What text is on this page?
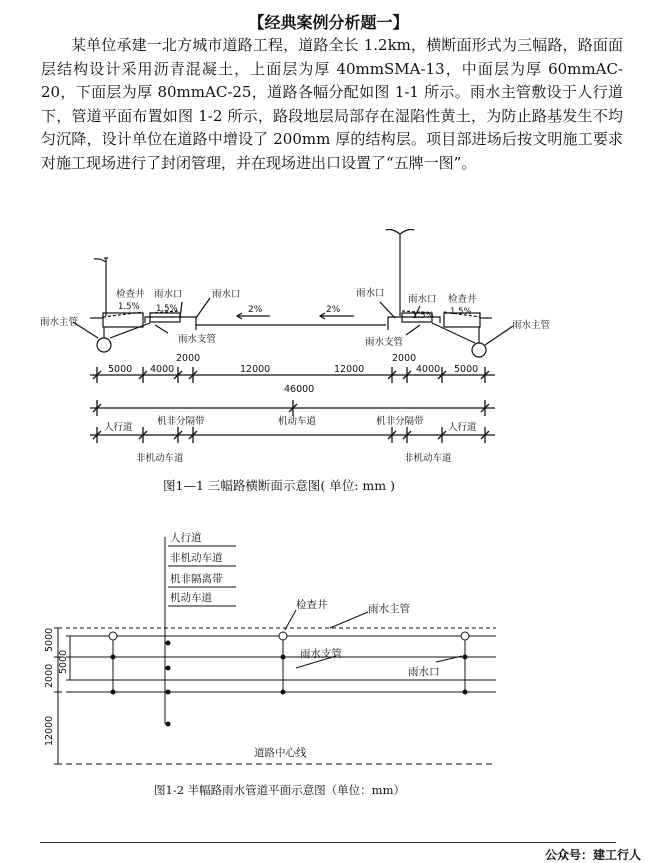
【经典案例分析题一】
某单位承建一北方城市道路工程，道路全长 1.2km，横断面形式为三幅路，路面面层结构设计采用沥青混凝土，上面层为厚 40mmSMA-13，中面层为厚 60mmAC-20，下面层为厚 80mmAC-25，道路各幅分配如图 1-1 所示。雨水主管敷设于人行道下，管道平面布置如图 1-2 所示，路段地层局部存在湿陷性黄土，为防止路基发生不均匀沉降，设计单位在道路中增设了 200mm 厚的结构层。项目部进场后按文明施工要求对施工现场进行了封闭管理，并在现场进出口设置了“五牌一图”。
检查井 雨水口	雨水口
1.5% 1.5%	2%	2%
雨水主管
雨水支管
雨水口
雨水口 检查井
1.5% 1.5%
雨水支管
雨水主管
5000 4000
2000
12000	12000
2000
4000 5000
46000
人行道
机非分隔带	机动车道	机非分隔带
人行道
非机动车道	非机动车道
人行道
非机动车道
机非隔离带
机动车道
检查井	雨水主管
雨水支管
雨水口
道路中心线
5000
2000
12000
5000
图1—1 三幅路横断面示意图( 单位: mm )
图1-2 半幅路雨水管道平面示意图（单位：mm）
公众号：建工行人
